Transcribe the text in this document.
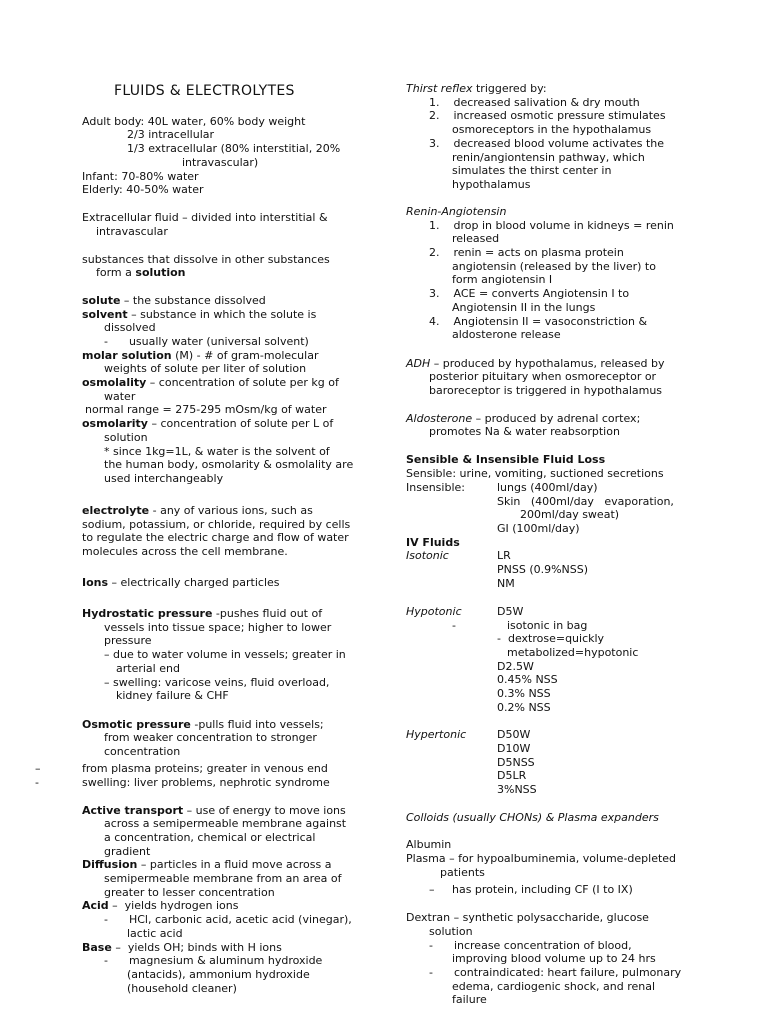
FLUIDS & ELECTROLYTES
Adult body: 40L water, 60% body weight
2/3 intracellular
1/3 extracellular (80% interstitial, 20%
intravascular)
Infant: 70-80% water
Elderly: 40-50% water
Extracellular fluid – divided into interstitial &
intravascular
substances that dissolve in other substances
form a solution
solute – the substance dissolved
solvent – substance in which the solute is
dissolved
-      usually water (universal solvent)
molar solution (M) - # of gram-molecular
weights of solute per liter of solution
osmolality – concentration of solute per kg of
water
normal range = 275-295 mOsm/kg of water
osmolarity – concentration of solute per L of
solution
* since 1kg=1L, & water is the solvent of
the human body, osmolarity & osmolality are
used interchangeably
electrolyte - any of various ions, such as
sodium, potassium, or chloride, required by cells
to regulate the electric charge and flow of water
molecules across the cell membrane.
Ions – electrically charged particles
Hydrostatic pressure -pushes fluid out of
vessels into tissue space; higher to lower
pressure
– due to water volume in vessels; greater in
arterial end
– swelling: varicose veins, fluid overload,
kidney failure & CHF
Osmotic pressure -pulls fluid into vessels;
from weaker concentration to stronger
concentration
–	from plasma proteins; greater in venous end
-	swelling: liver problems, nephrotic syndrome
Active transport – use of energy to move ions
across a semipermeable membrane against
a concentration, chemical or electrical
gradient
Diffusion – particles in a fluid move across a
semipermeable membrane from an area of
greater to lesser concentration
Acid –  yields hydrogen ions
-      HCl, carbonic acid, acetic acid (vinegar),
lactic acid
Base –  yields OH; binds with H ions
-      magnesium & aluminum hydroxide
(antacids), ammonium hydroxide
(household cleaner)
Thirst reflex triggered by:
1.    decreased salivation & dry mouth
2.    increased osmotic pressure stimulates
osmoreceptors in the hypothalamus
3.    decreased blood volume activates the
renin/angiontensin pathway, which
simulates the thirst center in
hypothalamus
Renin-Angiotensin
1.    drop in blood volume in kidneys = renin
released
2.    renin = acts on plasma protein
angiotensin (released by the liver) to
form angiotensin I
3.    ACE = converts Angiotensin I to
Angiotensin II in the lungs
4.    Angiotensin II = vasoconstriction &
aldosterone release
ADH – produced by hypothalamus, released by
posterior pituitary when osmoreceptor or
baroreceptor is triggered in hypothalamus
Aldosterone – produced by adrenal cortex;
promotes Na & water reabsorption
Sensible & Insensible Fluid Loss
Sensible: urine, vomiting, suctioned secretions
Insensible:	lungs (400ml/day)
Skin   (400ml/day   evaporation,
200ml/day sweat)
GI (100ml/day)
IV Fluids
Isotonic	LR
PNSS (0.9%NSS)
NM
Hypotonic	D5W
-	isotonic in bag
-  dextrose=quickly
metabolized=hypotonic
D2.5W
0.45% NSS
0.3% NSS
0.2% NSS
Hypertonic	D50W
D10W
D5NSS
D5LR
3%NSS
Colloids (usually CHONs) & Plasma expanders
Albumin
Plasma – for hypoalbuminemia, volume-depleted
patients
–     has protein, including CF (I to IX)
Dextran – synthetic polysaccharide, glucose
solution
-      increase concentration of blood,
improving blood volume up to 24 hrs
-      contraindicated: heart failure, pulmonary
edema, cardiogenic shock, and renal
failure
